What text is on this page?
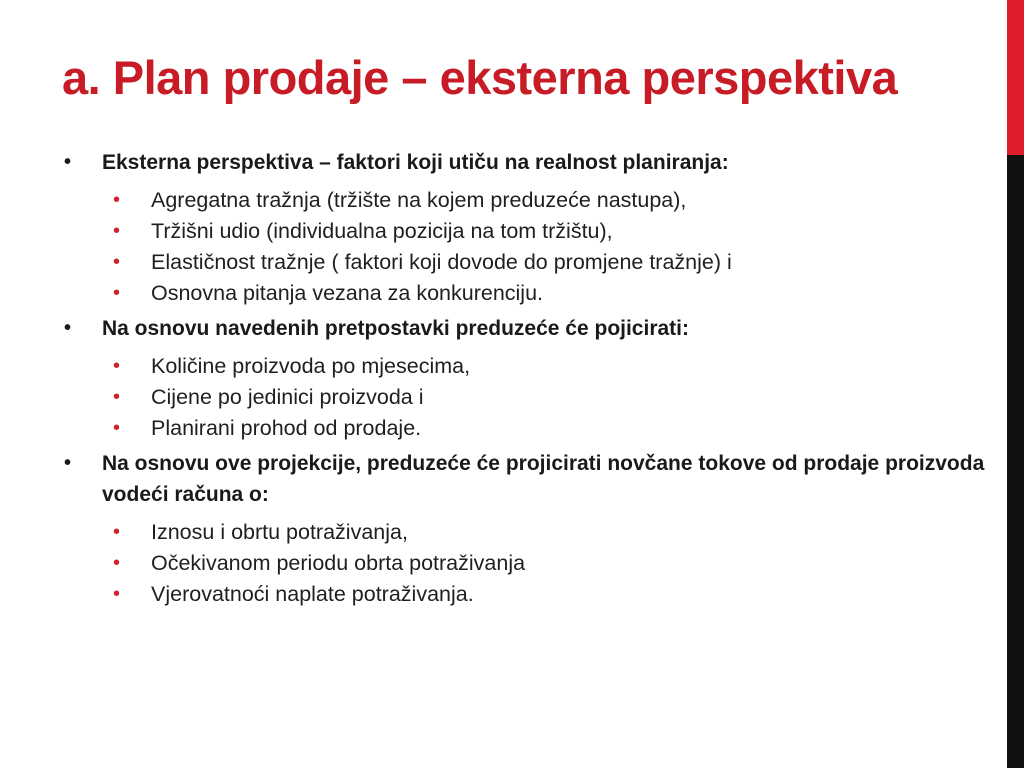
a. Plan prodaje – eksterna perspektiva
• Eksterna perspektiva – faktori koji utiču na realnost planiranja:
• Agregatna tražnja (tržište na kojem preduzeće nastupa),
• Tržišni udio (individualna pozicija na tom tržištu),
• Elastičnost tražnje ( faktori koji dovode do promjene tražnje) i
• Osnovna pitanja vezana za konkurenciju.
• Na osnovu navedenih pretpostavki preduzeće će pojicirati:
• Količine proizvoda po mjesecima,
• Cijene po jedinici proizvoda i
• Planirani prohod od prodaje.
• Na osnovu ove projekcije, preduzeće će projicirati novčane tokove od prodaje proizvoda vodeći računa o:
• Iznosu i obrtu potraživanja,
• Očekivanom periodu obrta potraživanja
• Vjerovatnoći naplate potraživanja.
